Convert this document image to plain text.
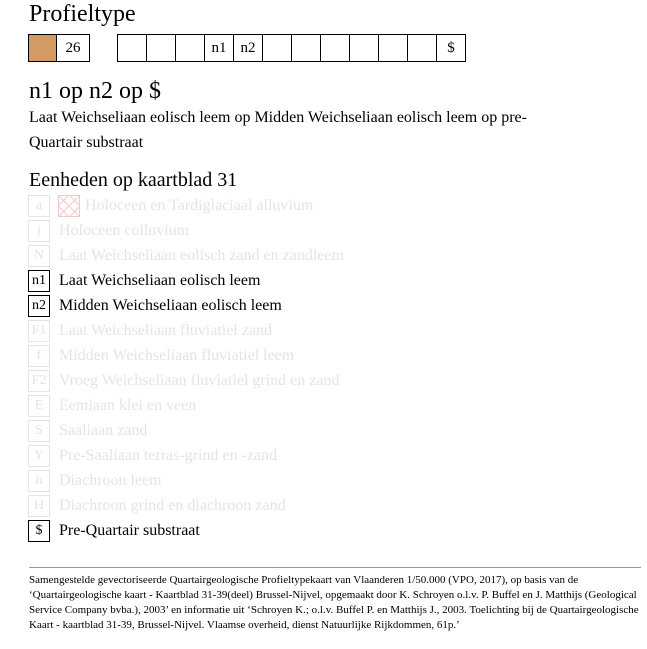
Profieltype
26	n1 n2	$
n1 op n2 op $
Laat Weichseliaan eolisch leem op Midden Weichseliaan eolisch leem op pre-Quartair substraat
Eenheden op kaartblad 31
a	Holoceen en Tardiglaciaal alluvium
j	Holoceen colluvium
N Laat Weichseliaan eolisch zand en zandleem
n1 Laat Weichseliaan eolisch leem
n2 Midden Weichseliaan eolisch leem
F1 Laat Weichseliaan fluviatiel zand
f	Midden Weichseliaan fluviatiel leem
F2 Vroeg Weichseliaan fluviatiel grind en zand
E Eemiaan klei en veen
S	Saaliaan zand
Y Pre-Saaliaan terras-grind en -zand
h	Diachroon leem
H Diachroon grind en diachroon zand
$	Pre-Quartair substraat
Samengestelde gevectoriseerde Quartairgeologische Profieltypekaart van Vlaanderen 1/50.000 (VPO, 2017), op basis van de ‘Quartairgeologische kaart - Kaartblad 31-39(deel) Brussel-Nijvel, opgemaakt door K. Schroyen o.l.v. P. Buffel en J. Matthijs (Geological Service Company bvba.), 2003’ en informatie uit ‘Schroyen K.; o.l.v. Buffel P. en Matthijs J., 2003. Toelichting bij de Quartairgeologische Kaart - kaartblad 31-39, Brussel-Nijvel. Vlaamse overheid, dienst Natuurlijke Rijkdommen, 61p.’
